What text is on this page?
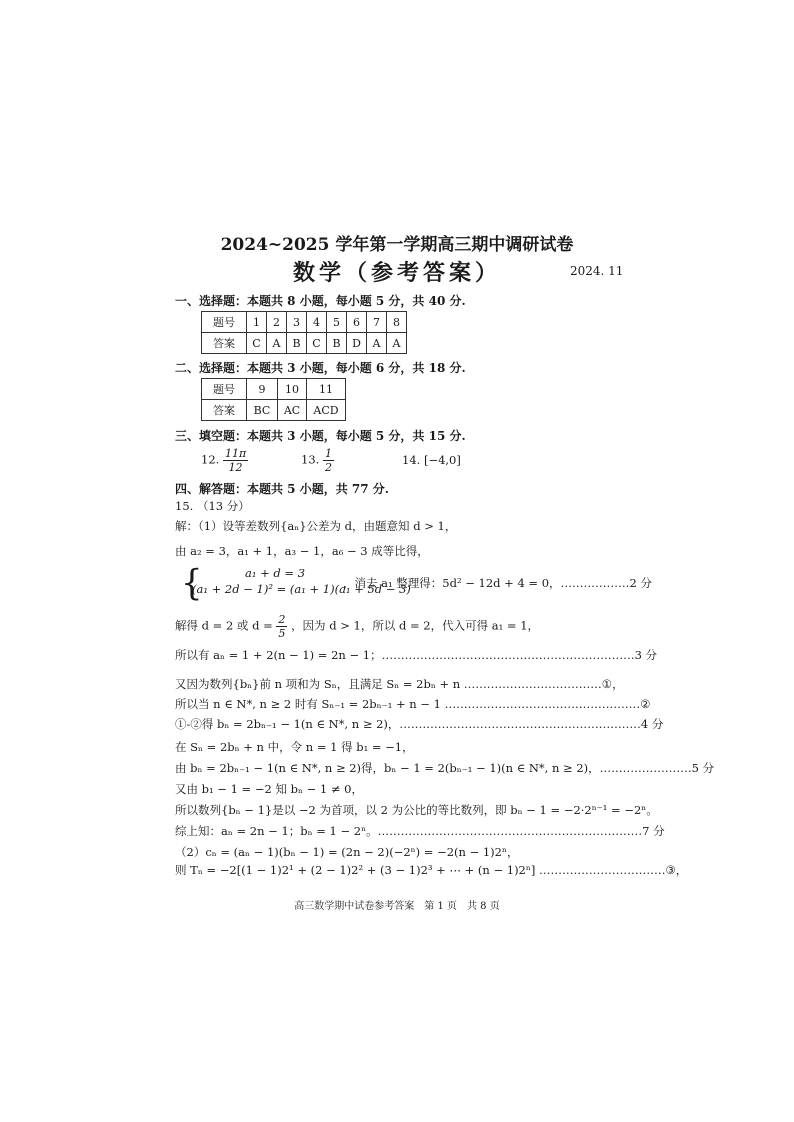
2024~2025 学年第一学期高三期中调研试卷
数学（参考答案）	2024. 11
一、选择题：本题共 8 小题，每小题 5 分，共 40 分.
题号	1	2	3	4	5	6	7	8
答案	C	A	B	C	B	D	A	A
二、选择题：本题共 3 小题，每小题 6 分，共 18 分.
题号	9	10	11
答案	BC	AC	ACD
三、填空题：本题共 3 小题，每小题 5 分，共 15 分.
12. $\frac{11\pi}{12}$	13. $\frac{1}{2}$	14. [−4,0]
四、解答题：本题共 5 小题，共 77 分.
15. （13 分）
解：（1）设等差数列{aₙ}公差为 d，由题意知 d > 1，
由 a₂ = 3，a₁ + 1，a₃ − 1，a₆ − 3 成等比得，
{	a₁ + d = 3
(a₁ + 2d − 1)² = (a₁ + 1)(a₁ + 5d − 3)
，消去 a₁ 整理得：5d² − 12d + 4 = 0，………………2 分
解得 d = 2 或 $d = \frac{2}{5}$ ，因为 d > 1，所以 d = 2，代入可得 a₁ = 1，
所以有 aₙ = 1 + 2(n − 1) = 2n − 1；…………………………………………………………3 分
又因为数列{bₙ}前 n 项和为 Sₙ，且满足 Sₙ = 2bₙ + n ………………………………①，
所以当 n ∈ N*, n ≥ 2 时有 Sₙ₋₁ = 2bₙ₋₁ + n − 1 ……………………………………………②
①-②得 bₙ = 2bₙ₋₁ − 1(n ∈ N*, n ≥ 2)，………………………………………………………4 分
在 Sₙ = 2bₙ + n 中，令 n = 1 得 b₁ = −1，
由 bₙ = 2bₙ₋₁ − 1(n ∈ N*, n ≥ 2)得，bₙ − 1 = 2(bₙ₋₁ − 1)(n ∈ N*, n ≥ 2)，……………………5 分
又由 b₁ − 1 = −2 知 bₙ − 1 ≠ 0，
所以数列{bₙ − 1}是以 −2 为首项，以 2 为公比的等比数列，即 bₙ − 1 = −2·2ⁿ⁻¹ = −2ⁿ。
综上知：aₙ = 2n − 1；bₙ = 1 − 2ⁿ。……………………………………………………………7 分
（2）cₙ = (aₙ − 1)(bₙ − 1) = (2n − 2)(−2ⁿ) = −2(n − 1)2ⁿ，
则 Tₙ = −2[(1 − 1)2¹ + (2 − 1)2² + (3 − 1)2³ + ⋯ + (n − 1)2ⁿ] ……………………………③，
高三数学期中试卷参考答案　第 1 页　共 8 页
